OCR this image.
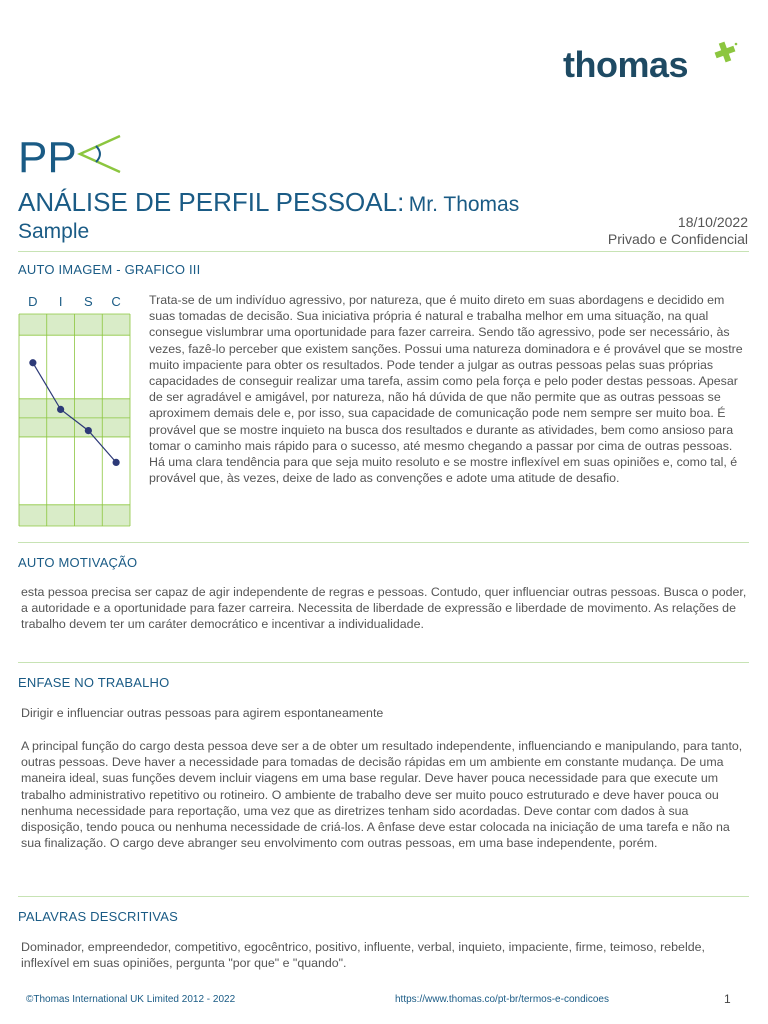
thomas
PP
ANÁLISE DE PERFIL PESSOAL: Mr. Thomas
Sample	18/10/2022
Privado e Confidencial
AUTO IMAGEM - GRAFICO III
D I S C Trata-se de um indivíduo agressivo, por natureza, que é muito direto em suas abordagens e decidido em suas tomadas de decisão. Sua iniciativa própria é natural e trabalha melhor em uma situação, na qual consegue vislumbrar uma oportunidade para fazer carreira. Sendo tão agressivo, pode ser necessário, às vezes, fazê-lo perceber que existem sanções. Possui uma natureza dominadora e é provável que se mostre muito impaciente para obter os resultados. Pode tender a julgar as outras pessoas pelas suas próprias capacidades de conseguir realizar uma tarefa, assim como pela força e pelo poder destas pessoas. Apesar de ser agradável e amigável, por natureza, não há dúvida de que não permite que as outras pessoas se aproximem demais dele e, por isso, sua capacidade de comunicação pode nem sempre ser muito boa. É provável que se mostre inquieto na busca dos resultados e durante as atividades, bem como ansioso para tomar o caminho mais rápido para o sucesso, até mesmo chegando a passar por cima de outras pessoas. Há uma clara tendência para que seja muito resoluto e se mostre inflexível em suas opiniões e, como tal, é provável que, às vezes, deixe de lado as convenções e adote uma atitude de desafio.
AUTO MOTIVAÇÃO
esta pessoa precisa ser capaz de agir independente de regras e pessoas. Contudo, quer influenciar outras pessoas. Busca o poder, a autoridade e a oportunidade para fazer carreira. Necessita de liberdade de expressão e liberdade de movimento. As relações de trabalho devem ter um caráter democrático e incentivar a individualidade.
ENFASE NO TRABALHO
Dirigir e influenciar outras pessoas para agirem espontaneamente
A principal função do cargo desta pessoa deve ser a de obter um resultado independente, influenciando e manipulando, para tanto, outras pessoas. Deve haver a necessidade para tomadas de decisão rápidas em um ambiente em constante mudança. De uma maneira ideal, suas funções devem incluir viagens em uma base regular. Deve haver pouca necessidade para que execute um trabalho administrativo repetitivo ou rotineiro. O ambiente de trabalho deve ser muito pouco estruturado e deve haver pouca ou nenhuma necessidade para reportação, uma vez que as diretrizes tenham sido acordadas. Deve contar com dados à sua disposição, tendo pouca ou nenhuma necessidade de criá-los. A ênfase deve estar colocada na iniciação de uma tarefa e não na sua finalização. O cargo deve abranger seu envolvimento com outras pessoas, em uma base independente, porém.
PALAVRAS DESCRITIVAS
Dominador, empreendedor, competitivo, egocêntrico, positivo, influente, verbal, inquieto, impaciente, firme, teimoso, rebelde, inflexível em suas opiniões, pergunta "por que" e "quando".
©Thomas International UK Limited 2012 - 2022	https://www.thomas.co/pt-br/termos-e-condicoes	1
